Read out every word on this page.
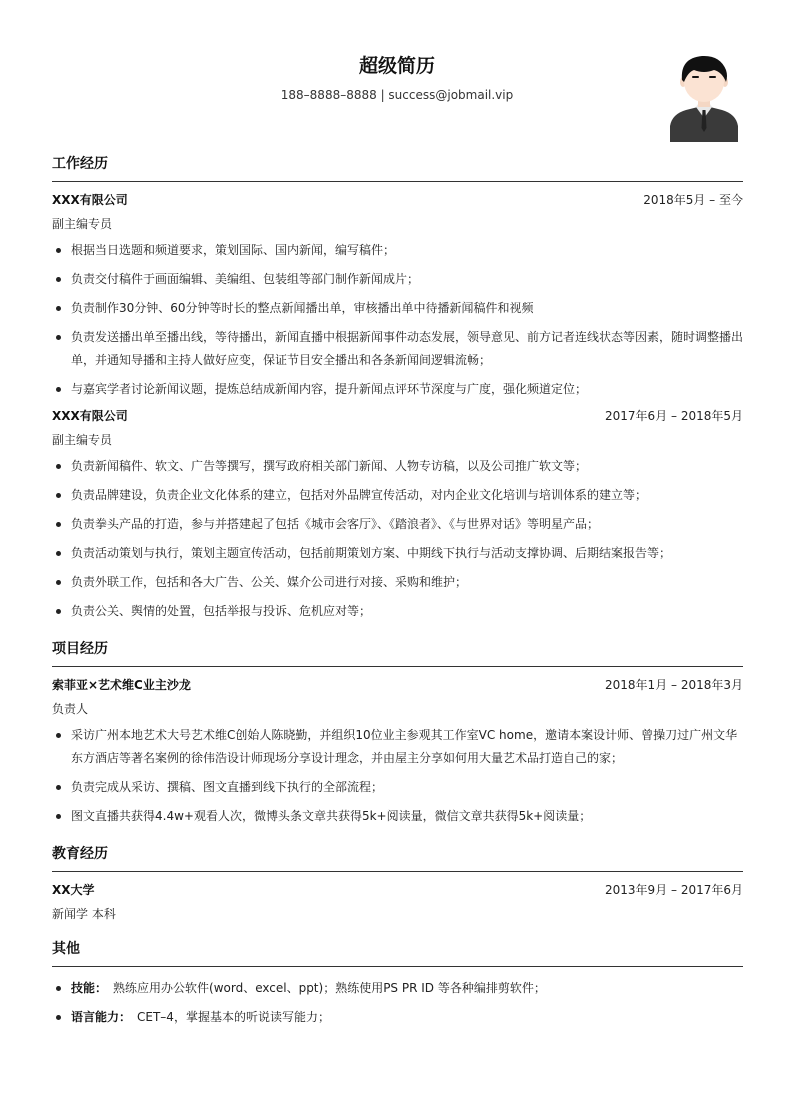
超级简历
188–8888–8888 | success@jobmail.vip
工作经历
XXX有限公司	2018年5月 – 至今
副主编专员
根据当日选题和频道要求，策划国际、国内新闻，编写稿件；
负责交付稿件于画面编辑、美编组、包装组等部门制作新闻成片；
负责制作30分钟、60分钟等时长的整点新闻播出单，审核播出单中待播新闻稿件和视频
负责发送播出单至播出线，等待播出，新闻直播中根据新闻事件动态发展，领导意见、前方记者连线状态等因素，随时调整播出单，并通知导播和主持人做好应变，保证节目安全播出和各条新闻间逻辑流畅；
与嘉宾学者讨论新闻议题，提炼总结成新闻内容，提升新闻点评环节深度与广度，强化频道定位；
XXX有限公司	2017年6月 – 2018年5月
副主编专员
负责新闻稿件、软文、广告等撰写，撰写政府相关部门新闻、人物专访稿，以及公司推广软文等；
负责品牌建设，负责企业文化体系的建立，包括对外品牌宣传活动，对内企业文化培训与培训体系的建立等；
负责拳头产品的打造，参与并搭建起了包括《城市会客厅》、《踏浪者》、《与世界对话》等明星产品；
负责活动策划与执行，策划主题宣传活动，包括前期策划方案、中期线下执行与活动支撑协调、后期结案报告等；
负责外联工作，包括和各大广告、公关、媒介公司进行对接、采购和维护；
负责公关、舆情的处置，包括举报与投诉、危机应对等；
项目经历
索菲亚×艺术维C业主沙龙	2018年1月 – 2018年3月
负责人
采访广州本地艺术大号艺术维C创始人陈晓勤，并组织10位业主参观其工作室VC home，邀请本案设计师、曾操刀过广州文华东方酒店等著名案例的徐伟浩设计师现场分享设计理念，并由屋主分享如何用大量艺术品打造自己的家；
负责完成从采访、撰稿、图文直播到线下执行的全部流程；
图文直播共获得4.4w+观看人次，微博头条文章共获得5k+阅读量，微信文章共获得5k+阅读量；
教育经历
XX大学	2013年9月 – 2017年6月
新闻学 本科
其他
技能： 熟练应用办公软件(word、excel、ppt)；熟练使用PS PR ID 等各种编排剪软件；
语言能力： CET–4，掌握基本的听说读写能力；
